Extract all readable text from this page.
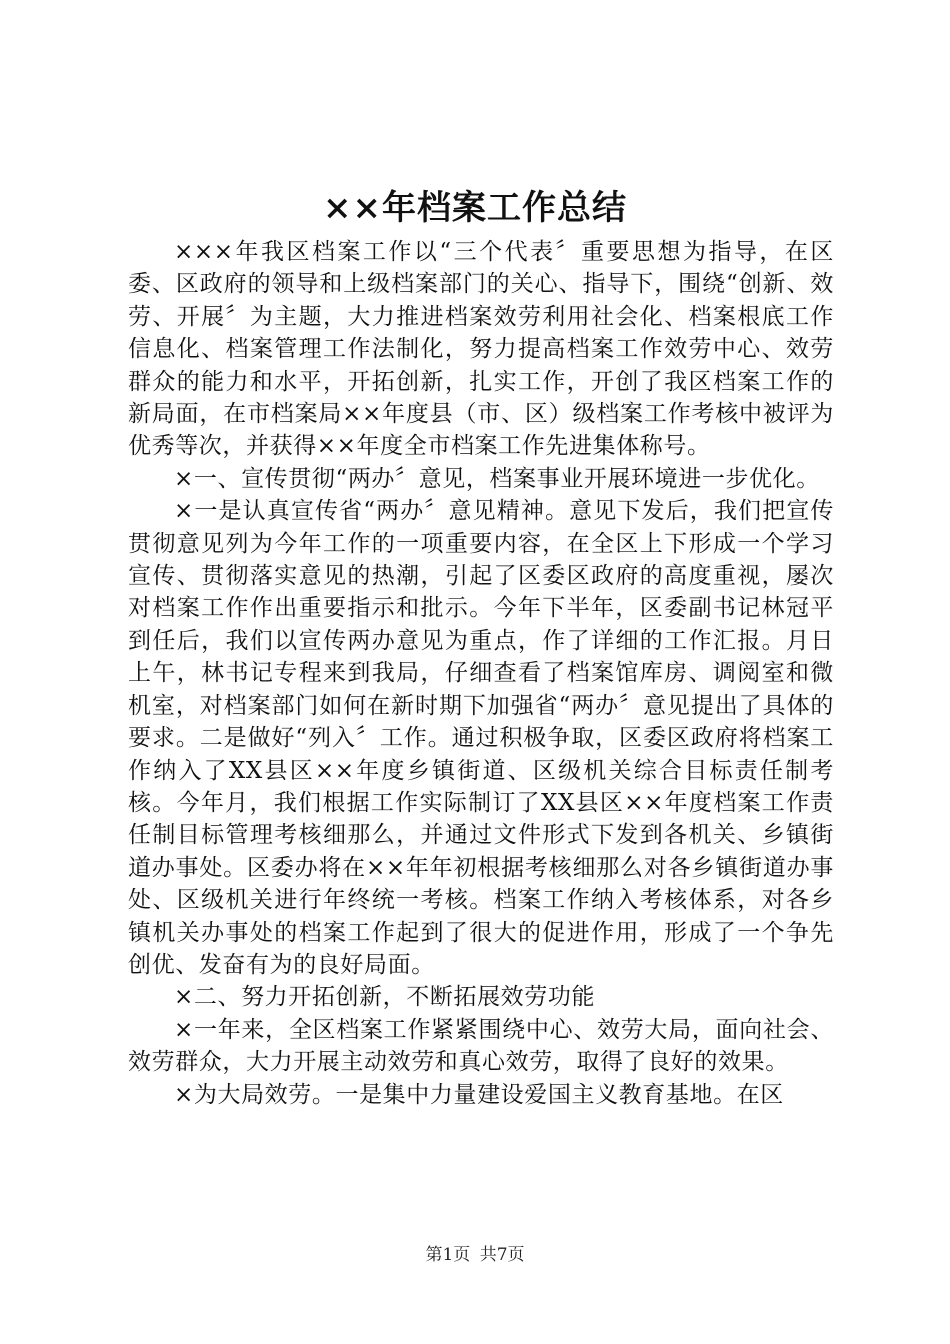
××年档案工作总结

×××年我区档案工作以“三个代表〞重要思想为指导，在区委、区政府的领导和上级档案部门的关心、指导下，围绕“创新、效劳、开展〞为主题，大力推进档案效劳利用社会化、档案根底工作信息化、档案管理工作法制化，努力提高档案工作效劳中心、效劳群众的能力和水平，开拓创新，扎实工作，开创了我区档案工作的新局面，在市档案局××年度县（市、区）级档案工作考核中被评为优秀等次，并获得××年度全市档案工作先进集体称号。

×一、宣传贯彻“两办〞意见，档案事业开展环境进一步优化。

×一是认真宣传省“两办〞意见精神。意见下发后，我们把宣传贯彻意见列为今年工作的一项重要内容，在全区上下形成一个学习宣传、贯彻落实意见的热潮，引起了区委区政府的高度重视，屡次对档案工作作出重要指示和批示。今年下半年，区委副书记林冠平到任后，我们以宣传两办意见为重点，作了详细的工作汇报。月日上午，林书记专程来到我局，仔细查看了档案馆库房、调阅室和微机室，对档案部门如何在新时期下加强省“两办〞意见提出了具体的要求。二是做好“列入〞工作。通过积极争取，区委区政府将档案工作纳入了XX县区××年度乡镇街道、区级机关综合目标责任制考核。今年月，我们根据工作实际制订了XX县区××年度档案工作责任制目标管理考核细那么，并通过文件形式下发到各机关、乡镇街道办事处。区委办将在××年年初根据考核细那么对各乡镇街道办事处、区级机关进行年终统一考核。档案工作纳入考核体系，对各乡镇机关办事处的档案工作起到了很大的促进作用，形成了一个争先创优、发奋有为的良好局面。

×二、努力开拓创新，不断拓展效劳功能

×一年来，全区档案工作紧紧围绕中心、效劳大局，面向社会、效劳群众，大力开展主动效劳和真心效劳，取得了良好的效果。

×为大局效劳。一是集中力量建设爱国主义教育基地。在区

第1页 共7页
